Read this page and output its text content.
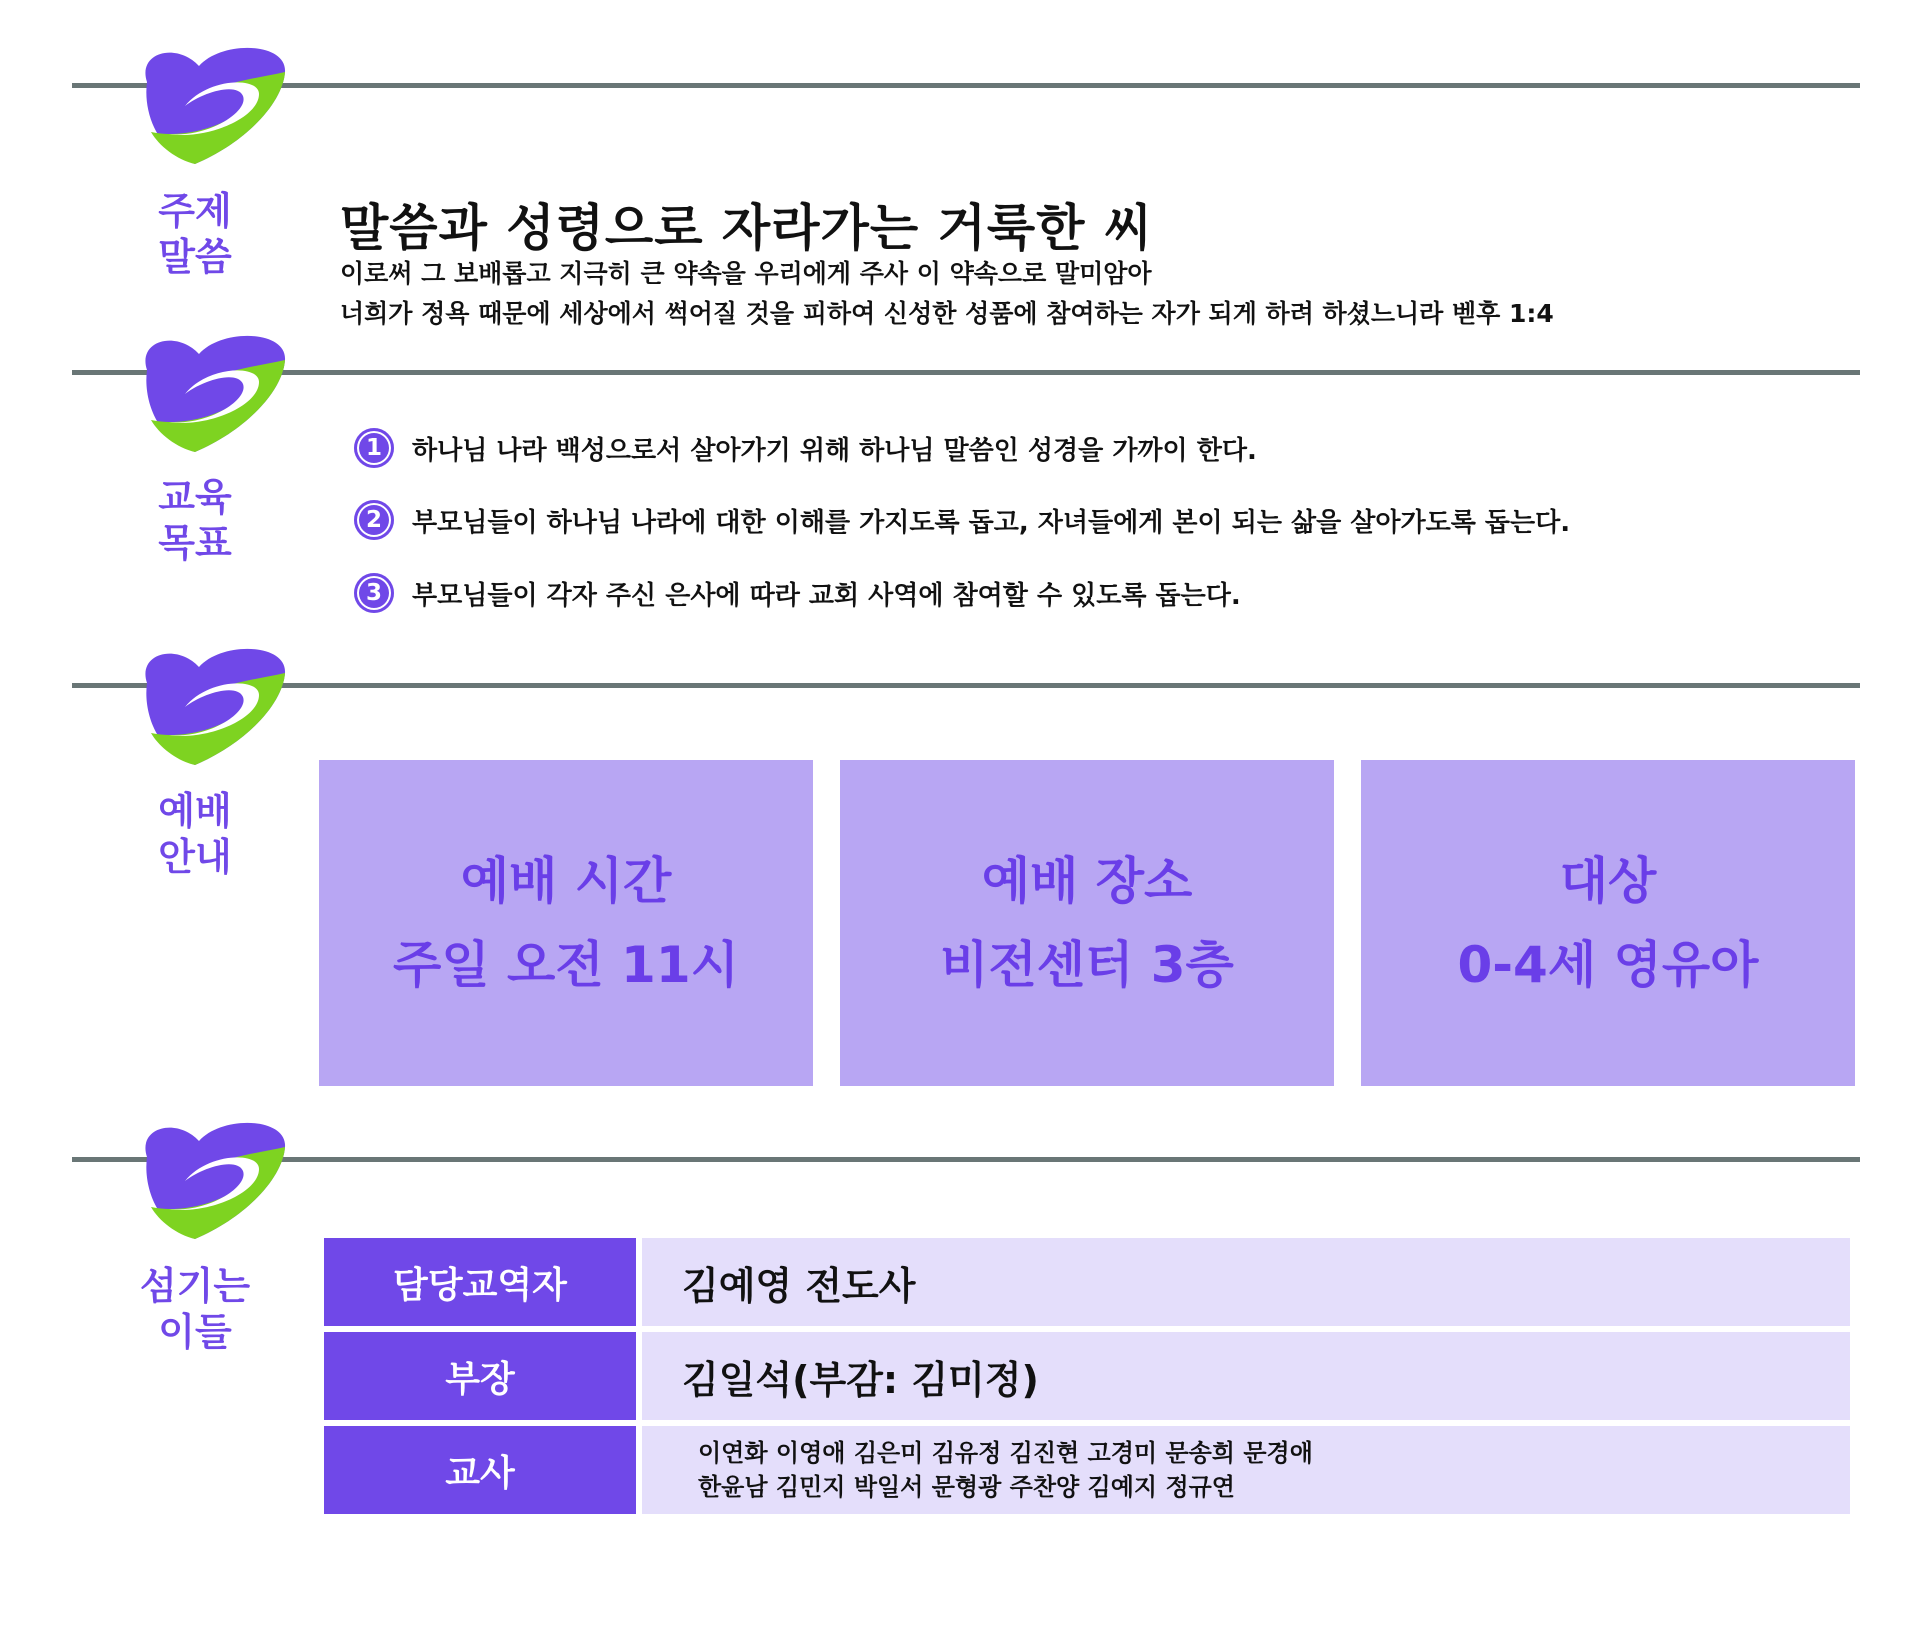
주제
말씀	말씀과 성령으로 자라가는 거룩한 씨
이로써 그 보배롭고 지극히 큰 약속을 우리에게 주사 이 약속으로 말미암아
너희가 정욕 때문에 세상에서 썩어질 것을 피하여 신성한 성품에 참여하는 자가 되게 하려 하셨느니라 벧후 1:4
교육
목표
1	하나님 나라 백성으로서 살아가기 위해 하나님 말씀인 성경을 가까이 한다.
2	부모님들이 하나님 나라에 대한 이해를 가지도록 돕고, 자녀들에게 본이 되는 삶을 살아가도록 돕는다.
3	부모님들이 각자 주신 은사에 따라 교회 사역에 참여할 수 있도록 돕는다.
예배
안내	예배 시간
주일 오전 11시
예배 장소
비전센터 3층
대상
0-4세 영유아
섬기는
이들
담당교역자	김예영 전도사
부장	김일석(부감: 김미정)
교사	이연화 이영애 김은미 김유정 김진현 고경미 문송희 문경애
한윤남 김민지 박일서 문형광 주찬양 김예지 정규연
